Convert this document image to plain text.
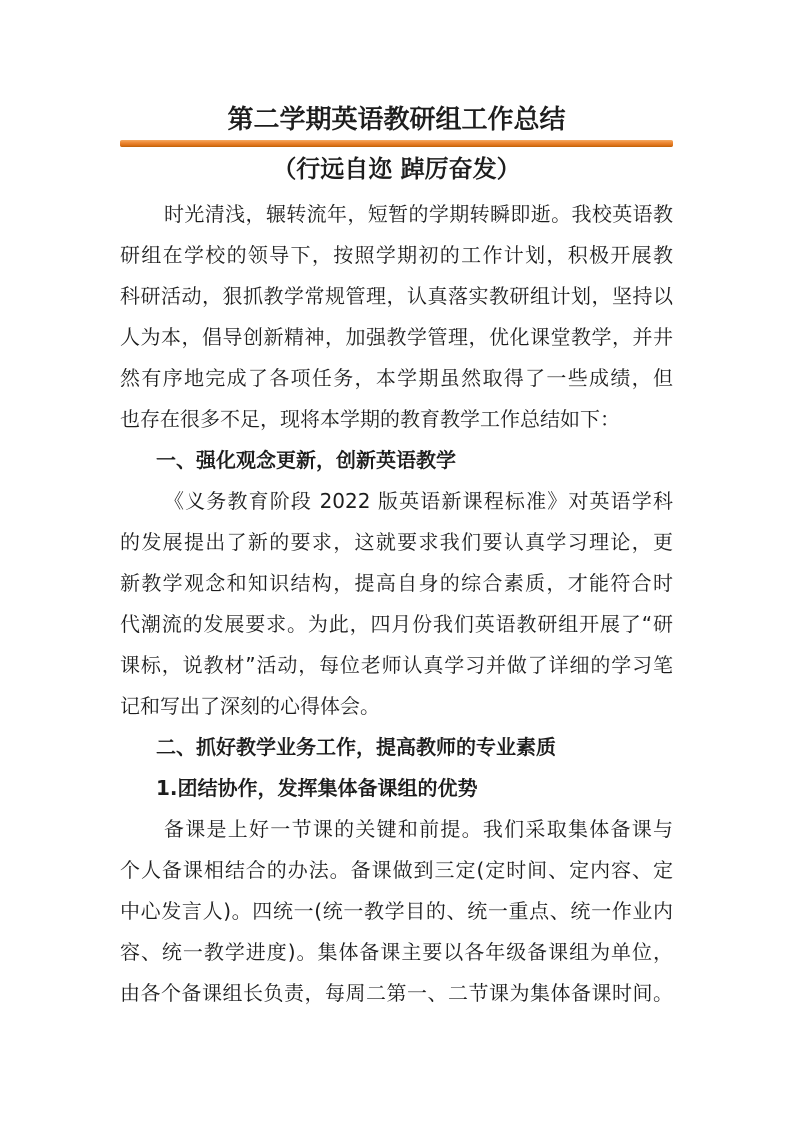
第二学期英语教研组工作总结
（行远自迩 踔厉奋发）
时光清浅，辗转流年，短暂的学期转瞬即逝。我校英语教
研组在学校的领导下，按照学期初的工作计划，积极开展教
科研活动，狠抓教学常规管理，认真落实教研组计划，坚持以
人为本，倡导创新精神，加强教学管理，优化课堂教学，并井
然有序地完成了各项任务，本学期虽然取得了一些成绩，但
也存在很多不足，现将本学期的教育教学工作总结如下：
一、强化观念更新，创新英语教学
《义务教育阶段 2022 版英语新课程标准》对英语学科
的发展提出了新的要求，这就要求我们要认真学习理论，更
新教学观念和知识结构，提高自身的综合素质，才能符合时
代潮流的发展要求。为此，四月份我们英语教研组开展了“研
课标，说教材”活动，每位老师认真学习并做了详细的学习笔
记和写出了深刻的心得体会。
二、抓好教学业务工作，提高教师的专业素质
1.团结协作，发挥集体备课组的优势
备课是上好一节课的关键和前提。我们采取集体备课与
个人备课相结合的办法。备课做到三定(定时间、定内容、定
中心发言人)。四统一(统一教学目的、统一重点、统一作业内
容、统一教学进度)。集体备课主要以各年级备课组为单位，
由各个备课组长负责，每周二第一、二节课为集体备课时间。
